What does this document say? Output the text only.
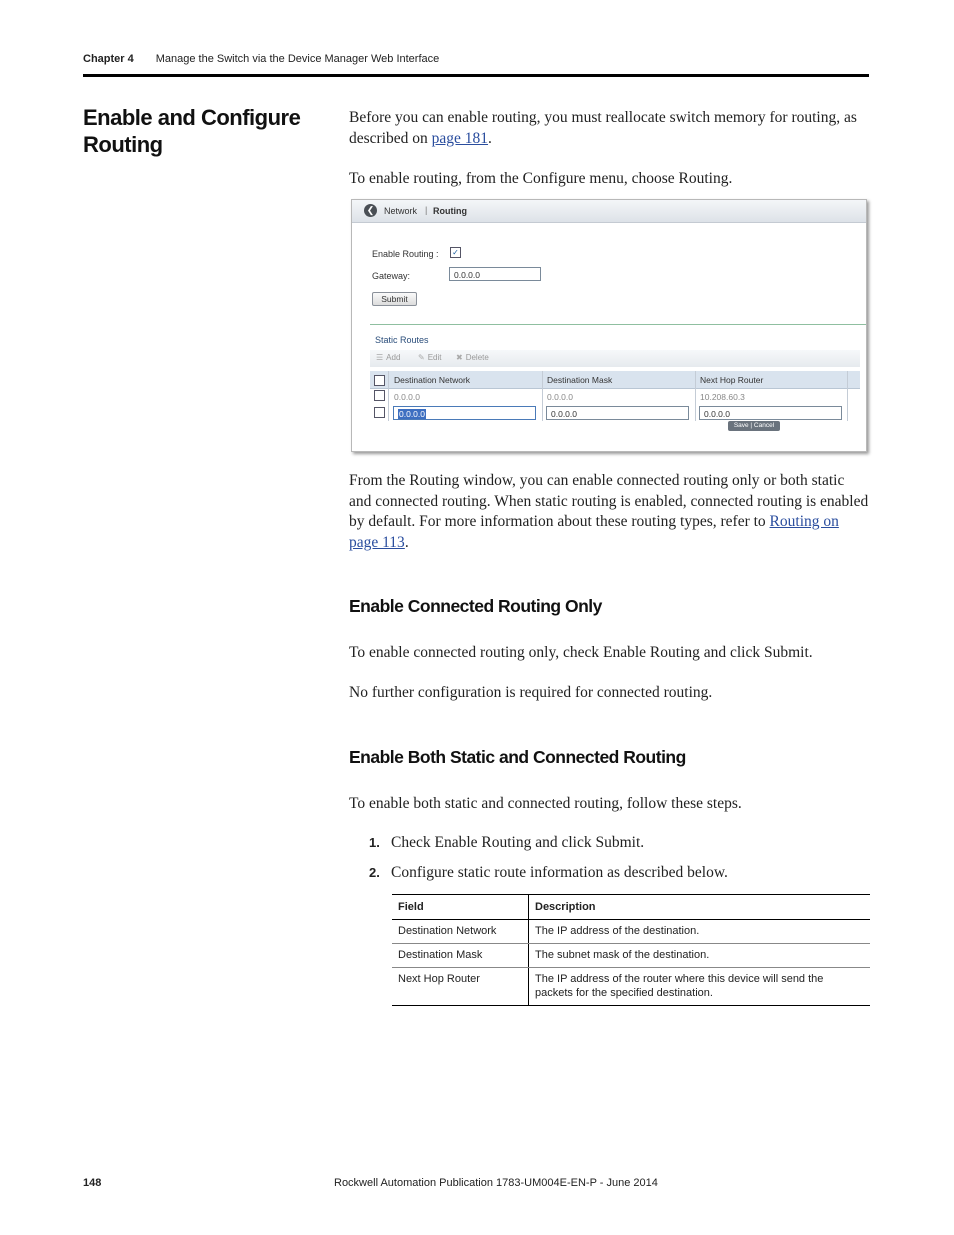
Chapter 4 Manage the Switch via the Device Manager Web Interface
Enable and Configure Routing
Before you can enable routing, you must reallocate switch memory for routing, as described on page 181.
To enable routing, from the Configure menu, choose Routing.
❮	Network | Routing
Enable Routing : ✓
Gateway:	0.0.0.0
Submit
Static Routes
☰ Add ✎ Edit ✖ Delete
Destination Network	Destination Mask	Next Hop Router
0.0.0.0	0.0.0.0	10.208.60.3
0.0.0.0	0.0.0.0	0.0.0.0
Save | Cancel
From the Routing window, you can enable connected routing only or both static and connected routing. When static routing is enabled, connected routing is enabled by default. For more information about these routing types, refer to Routing on page 113.
Enable Connected Routing Only
To enable connected routing only, check Enable Routing and click Submit.
No further configuration is required for connected routing.
Enable Both Static and Connected Routing
To enable both static and connected routing, follow these steps.
1. Check Enable Routing and click Submit.
2. Configure static route information as described below.
Field	Description
Destination Network	The IP address of the destination.
Destination Mask	The subnet mask of the destination.
Next Hop Router	The IP address of the router where this device will send the packets for the specified destination.
148	Rockwell Automation Publication 1783-UM004E-EN-P - June 2014
